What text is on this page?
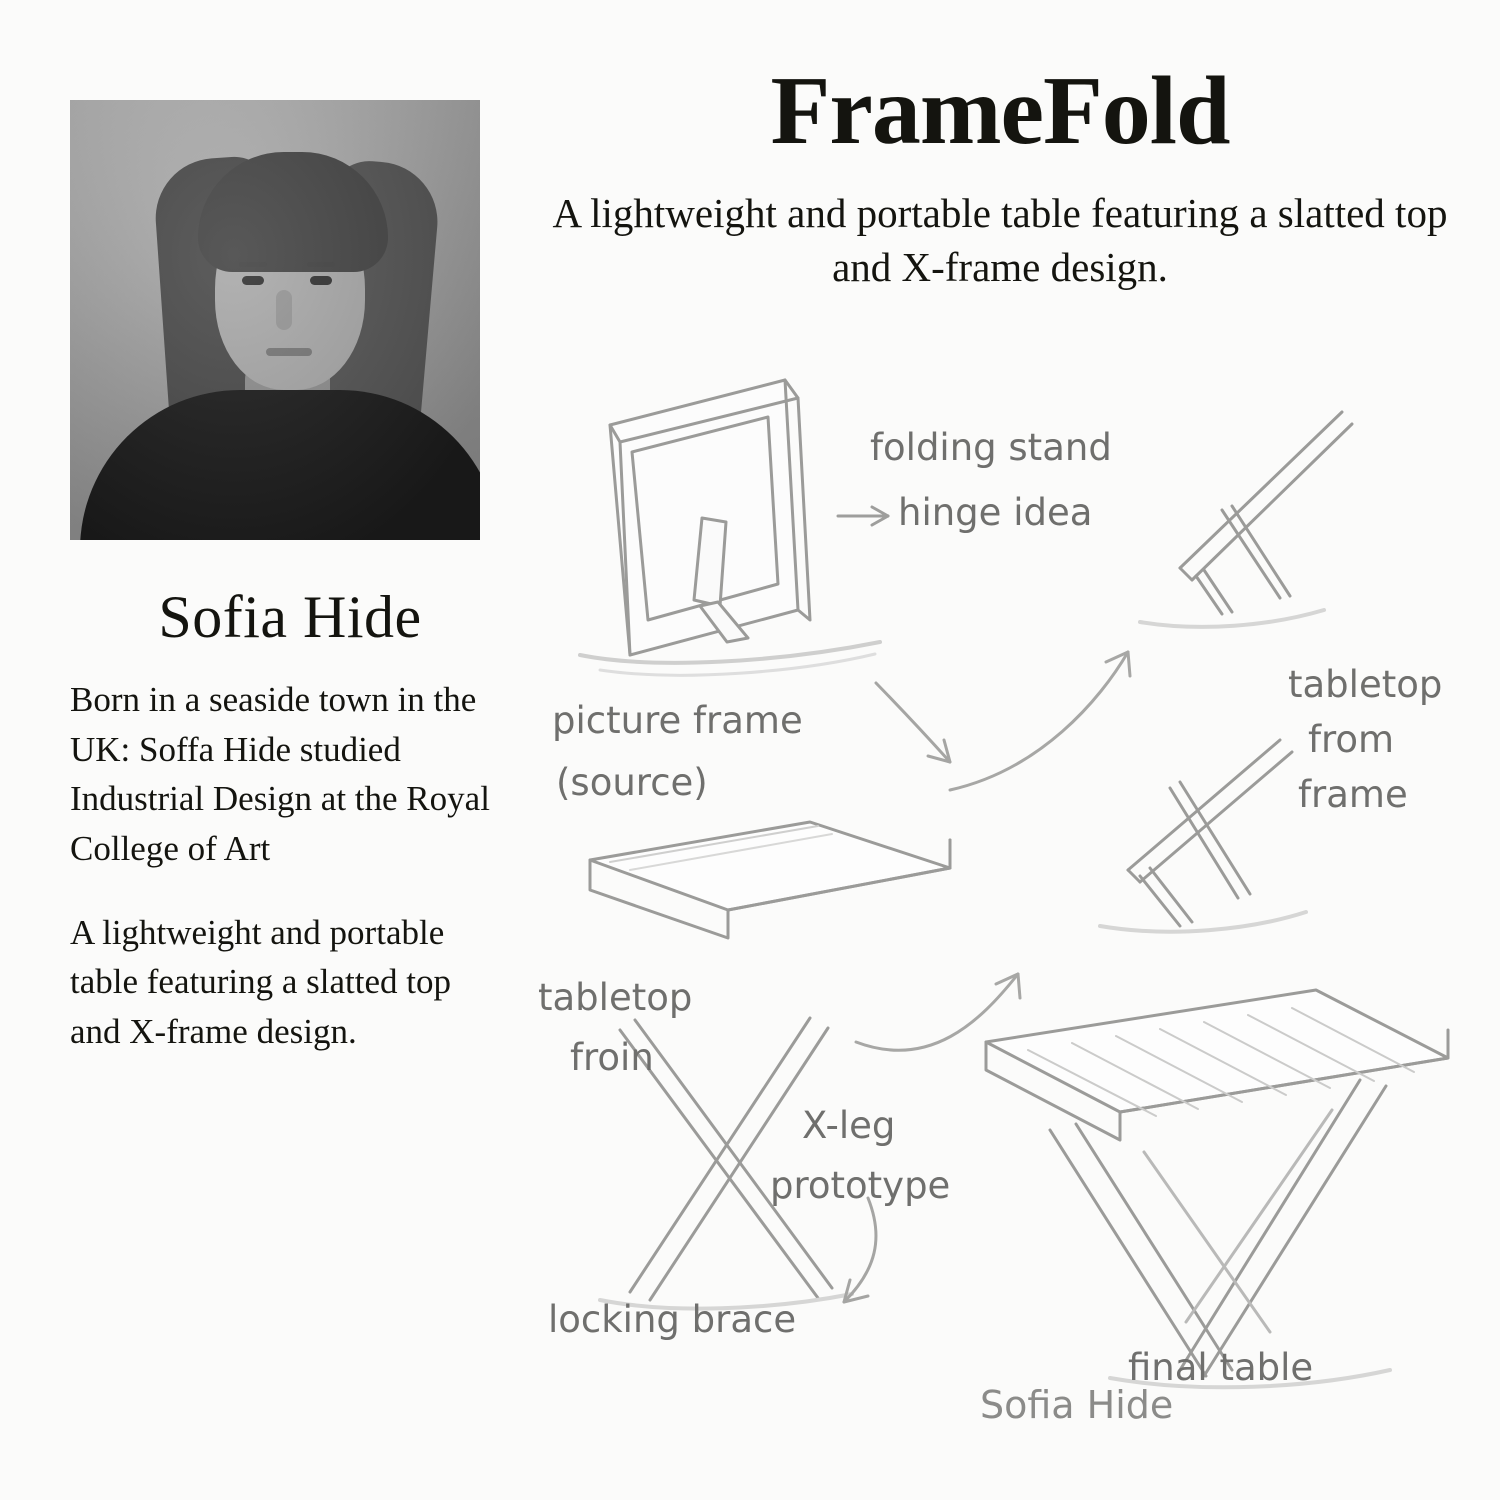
Sofia Hide

Born in a seaside town in the UK: Soffa Hide studied Industrial Design at the Royal College of Art

A lightweight and portable table featuring a slatted top and X-frame design.

FrameFold

A lightweight and portable table featuring a slatted top and X-frame design.

folding stand
hinge idea
picture frame
(source)
tabletop
from
frame
tabletop
froin
X-leg
prototype
locking brace
final table
Sofia Hide
